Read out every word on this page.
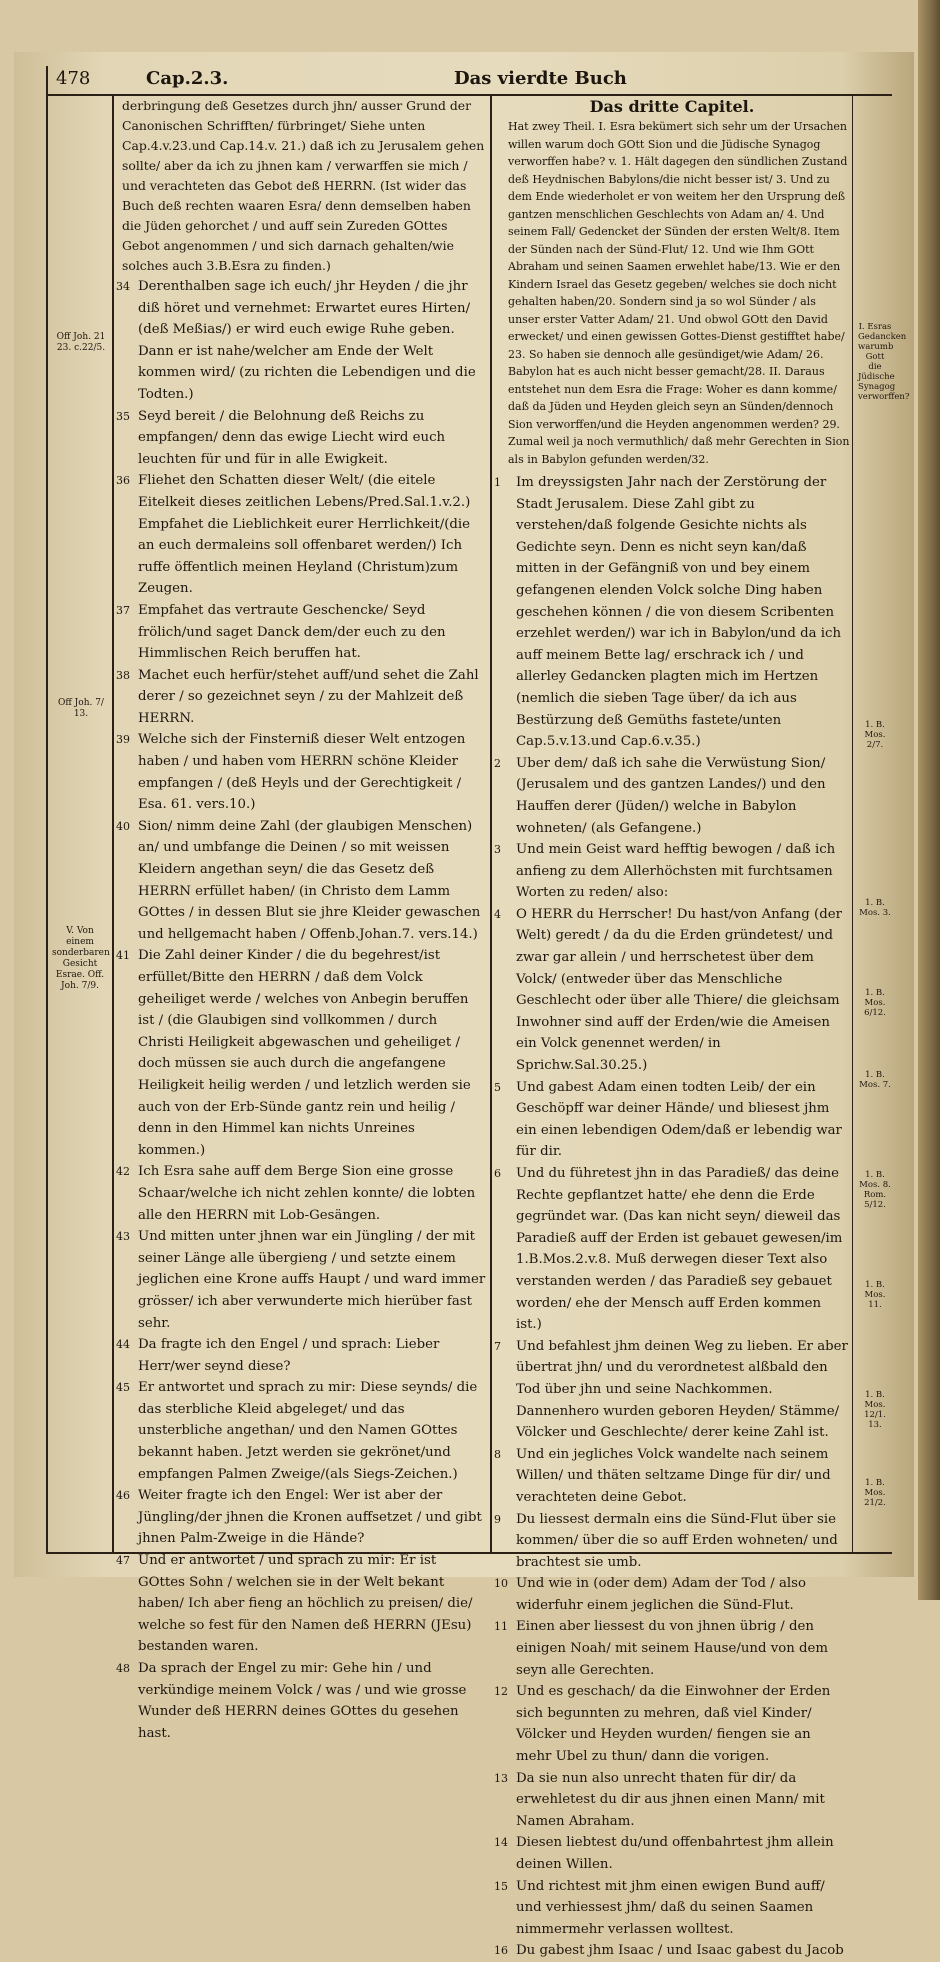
478	Cap.2.3.	Das vierdte Buch
Off Joh. 21 23. c.22/5.
Off Joh. 7/ 13.
V. Von einem sonderbaren Gesicht Esrae. Off. Joh. 7/9.
I. Esras Gedancken warumb Gott die Jüdische Synagog verworffen?
1. B. Mos. 2/7.
1. B. Mos. 3.
1. B. Mos. 6/12.
1. B. Mos. 7.
1. B. Mos. 8. Rom. 5/12.
1. B. Mos. 11.
1. B. Mos. 12/1. 13.
1. B. Mos. 21/2.
derbringung deß Gesetzes durch jhn/ ausser Grund der Canonischen Schrifften/ fürbringet/ Siehe unten Cap.4.v.23.und Cap.14.v. 21.) daß ich zu Jerusalem gehen sollte/ aber da ich zu jhnen kam / verwarffen sie mich / und verachteten das Gebot deß HERRN. (Ist wider das Buch deß rechten waaren Esra/ denn demselben haben die Jüden gehorchet / und auff sein Zureden GOttes Gebot angenommen / und sich darnach gehalten/wie solches auch 3.B.Esra zu finden.)
34 Derenthalben sage ich euch/ jhr Heyden / die jhr diß höret und vernehmet: Erwartet eures Hirten/ (deß Meßias/) er wird euch ewige Ruhe geben. Dann er ist nahe/welcher am Ende der Welt kommen wird/ (zu richten die Lebendigen und die Todten.)
35 Seyd bereit / die Belohnung deß Reichs zu empfangen/ denn das ewige Liecht wird euch leuchten für und für in alle Ewigkeit.
36 Fliehet den Schatten dieser Welt/ (die eitele Eitelkeit dieses zeitlichen Lebens/Pred.Sal.1.v.2.) Empfahet die Lieblichkeit eurer Herrlichkeit/(die an euch dermaleins soll offenbaret werden/) Ich ruffe öffentlich meinen Heyland (Christum)zum Zeugen.
37 Empfahet das vertraute Geschencke/ Seyd frölich/und saget Danck dem/der euch zu den Himmlischen Reich beruffen hat.
38 Machet euch herfür/stehet auff/und sehet die Zahl derer / so gezeichnet seyn / zu der Mahlzeit deß HERRN.
39 Welche sich der Finsterniß dieser Welt entzogen haben / und haben vom HERRN schöne Kleider empfangen / (deß Heyls und der Gerechtigkeit / Esa. 61. vers.10.)
40 Sion/ nimm deine Zahl (der glaubigen Menschen) an/ und umbfange die Deinen / so mit weissen Kleidern angethan seyn/ die das Gesetz deß HERRN erfüllet haben/ (in Christo dem Lamm GOttes / in dessen Blut sie jhre Kleider gewaschen und hellgemacht haben / Offenb.Johan.7. vers.14.)
41 Die Zahl deiner Kinder / die du begehrest/ist erfüllet/Bitte den HERRN / daß dem Volck geheiliget werde / welches von Anbegin beruffen ist / (die Glaubigen sind vollkommen / durch Christi Heiligkeit abgewaschen und geheiliget / doch müssen sie auch durch die angefangene Heiligkeit heilig werden / und letzlich werden sie auch von der Erb-Sünde gantz rein und heilig / denn in den Himmel kan nichts Unreines kommen.)
42 Ich Esra sahe auff dem Berge Sion eine grosse Schaar/welche ich nicht zehlen konnte/ die lobten alle den HERRN mit Lob-Gesängen.
43 Und mitten unter jhnen war ein Jüngling / der mit seiner Länge alle übergieng / und setzte einem jeglichen eine Krone auffs Haupt / und ward immer grösser/ ich aber verwunderte mich hierüber fast sehr.
44 Da fragte ich den Engel / und sprach: Lieber Herr/wer seynd diese?
45 Er antwortet und sprach zu mir: Diese seynds/ die das sterbliche Kleid abgeleget/ und das unsterbliche angethan/ und den Namen GOttes bekannt haben. Jetzt werden sie gekrönet/und empfangen Palmen Zweige/(als Siegs-Zeichen.)
46 Weiter fragte ich den Engel: Wer ist aber der Jüngling/der jhnen die Kronen auffsetzet / und gibt jhnen Palm-Zweige in die Hände?
47 Und er antwortet / und sprach zu mir: Er ist GOttes Sohn / welchen sie in der Welt bekant haben/ Ich aber fieng an höchlich zu preisen/ die/ welche so fest für den Namen deß HERRN (JEsu) bestanden waren.
48 Da sprach der Engel zu mir: Gehe hin / und verkündige meinem Volck / was / und wie grosse Wunder deß HERRN deines GOttes du gesehen hast.
Das dritte Capitel.
Hat zwey Theil. I. Esra bekümert sich sehr um der Ursachen willen warum doch GOtt Sion und die Jüdische Synagog verworffen habe? v. 1. Hält dagegen den sündlichen Zustand deß Heydnischen Babylons/die nicht besser ist/ 3. Und zu dem Ende wiederholet er von weitem her den Ursprung deß gantzen menschlichen Geschlechts von Adam an/ 4. Und seinem Fall/ Gedencket der Sünden der ersten Welt/8. Item der Sünden nach der Sünd-Flut/ 12. Und wie Ihm GOtt Abraham und seinen Saamen erwehlet habe/13. Wie er den Kindern Israel das Gesetz gegeben/ welches sie doch nicht gehalten haben/20. Sondern sind ja so wol Sünder / als unser erster Vatter Adam/ 21. Und obwol GOtt den David erwecket/ und einen gewissen Gottes-Dienst gestifftet habe/ 23. So haben sie dennoch alle gesündiget/wie Adam/ 26. Babylon hat es auch nicht besser gemacht/28. II. Daraus entstehet nun dem Esra die Frage: Woher es dann komme/ daß da Jüden und Heyden gleich seyn an Sünden/dennoch Sion verworffen/und die Heyden angenommen werden? 29. Zumal weil ja noch vermuthlich/ daß mehr Gerechten in Sion als in Babylon gefunden werden/32.
1	Im dreyssigsten Jahr nach der Zerstörung der Stadt Jerusalem. Diese Zahl gibt zu verstehen/daß folgende Gesichte nichts als Gedichte seyn. Denn es nicht seyn kan/daß mitten in der Gefängniß von und bey einem gefangenen elenden Volck solche Ding haben geschehen können / die von diesem Scribenten erzehlet werden/) war ich in Babylon/und da ich auff meinem Bette lag/ erschrack ich / und allerley Gedancken plagten mich im Hertzen (nemlich die sieben Tage über/ da ich aus Bestürzung deß Gemüths fastete/unten Cap.5.v.13.und Cap.6.v.35.)
2	Uber dem/ daß ich sahe die Verwüstung Sion/ (Jerusalem und des gantzen Landes/) und den Hauffen derer (Jüden/) welche in Babylon wohneten/ (als Gefangene.)
3	Und mein Geist ward hefftig bewogen / daß ich anfieng zu dem Allerhöchsten mit furchtsamen Worten zu reden/ also:
4	O HERR du Herrscher! Du hast/von Anfang (der Welt) geredt / da du die Erden gründetest/ und zwar gar allein / und herrschetest über dem Volck/ (entweder über das Menschliche Geschlecht oder über alle Thiere/ die gleichsam Inwohner sind auff der Erden/wie die Ameisen ein Volck genennet werden/ in Sprichw.Sal.30.25.)
5	Und gabest Adam einen todten Leib/ der ein Geschöpff war deiner Hände/ und bliesest jhm ein einen lebendigen Odem/daß er lebendig war für dir.
6	Und du führetest jhn in das Paradieß/ das deine Rechte gepflantzet hatte/ ehe denn die Erde gegründet war. (Das kan nicht seyn/ dieweil das Paradieß auff der Erden ist gebauet gewesen/im 1.B.Mos.2.v.8. Muß derwegen dieser Text also verstanden werden / das Paradieß sey gebauet worden/ ehe der Mensch auff Erden kommen ist.)
7	Und befahlest jhm deinen Weg zu lieben. Er aber übertrat jhn/ und du verordnetest alßbald den Tod über jhn und seine Nachkommen. Dannenhero wurden geboren Heyden/ Stämme/ Völcker und Geschlechte/ derer keine Zahl ist.
8	Und ein jegliches Volck wandelte nach seinem Willen/ und thäten seltzame Dinge für dir/ und verachteten deine Gebot.
9	Du liessest dermaln eins die Sünd-Flut über sie kommen/ über die so auff Erden wohneten/ und brachtest sie umb.
10 Und wie in (oder dem) Adam der Tod / also widerfuhr einem jeglichen die Sünd-Flut.
11 Einen aber liessest du von jhnen übrig / den einigen Noah/ mit seinem Hause/und von dem seyn alle Gerechten.
12 Und es geschach/ da die Einwohner der Erden sich begunnten zu mehren, daß viel Kinder/ Völcker und Heyden wurden/ fiengen sie an mehr Ubel zu thun/ dann die vorigen.
13 Da sie nun also unrecht thaten für dir/ da erwehletest du dir aus jhnen einen Mann/ mit Namen Abraham.
14 Diesen liebtest du/und offenbahrtest jhm allein deinen Willen.
15 Und richtest mit jhm einen ewigen Bund auff/ und verhiessest jhm/ daß du seinen Saamen nimmermehr verlassen wolltest.
16 Du gabest jhm Isaac / und Isaac gabest du Jacob
